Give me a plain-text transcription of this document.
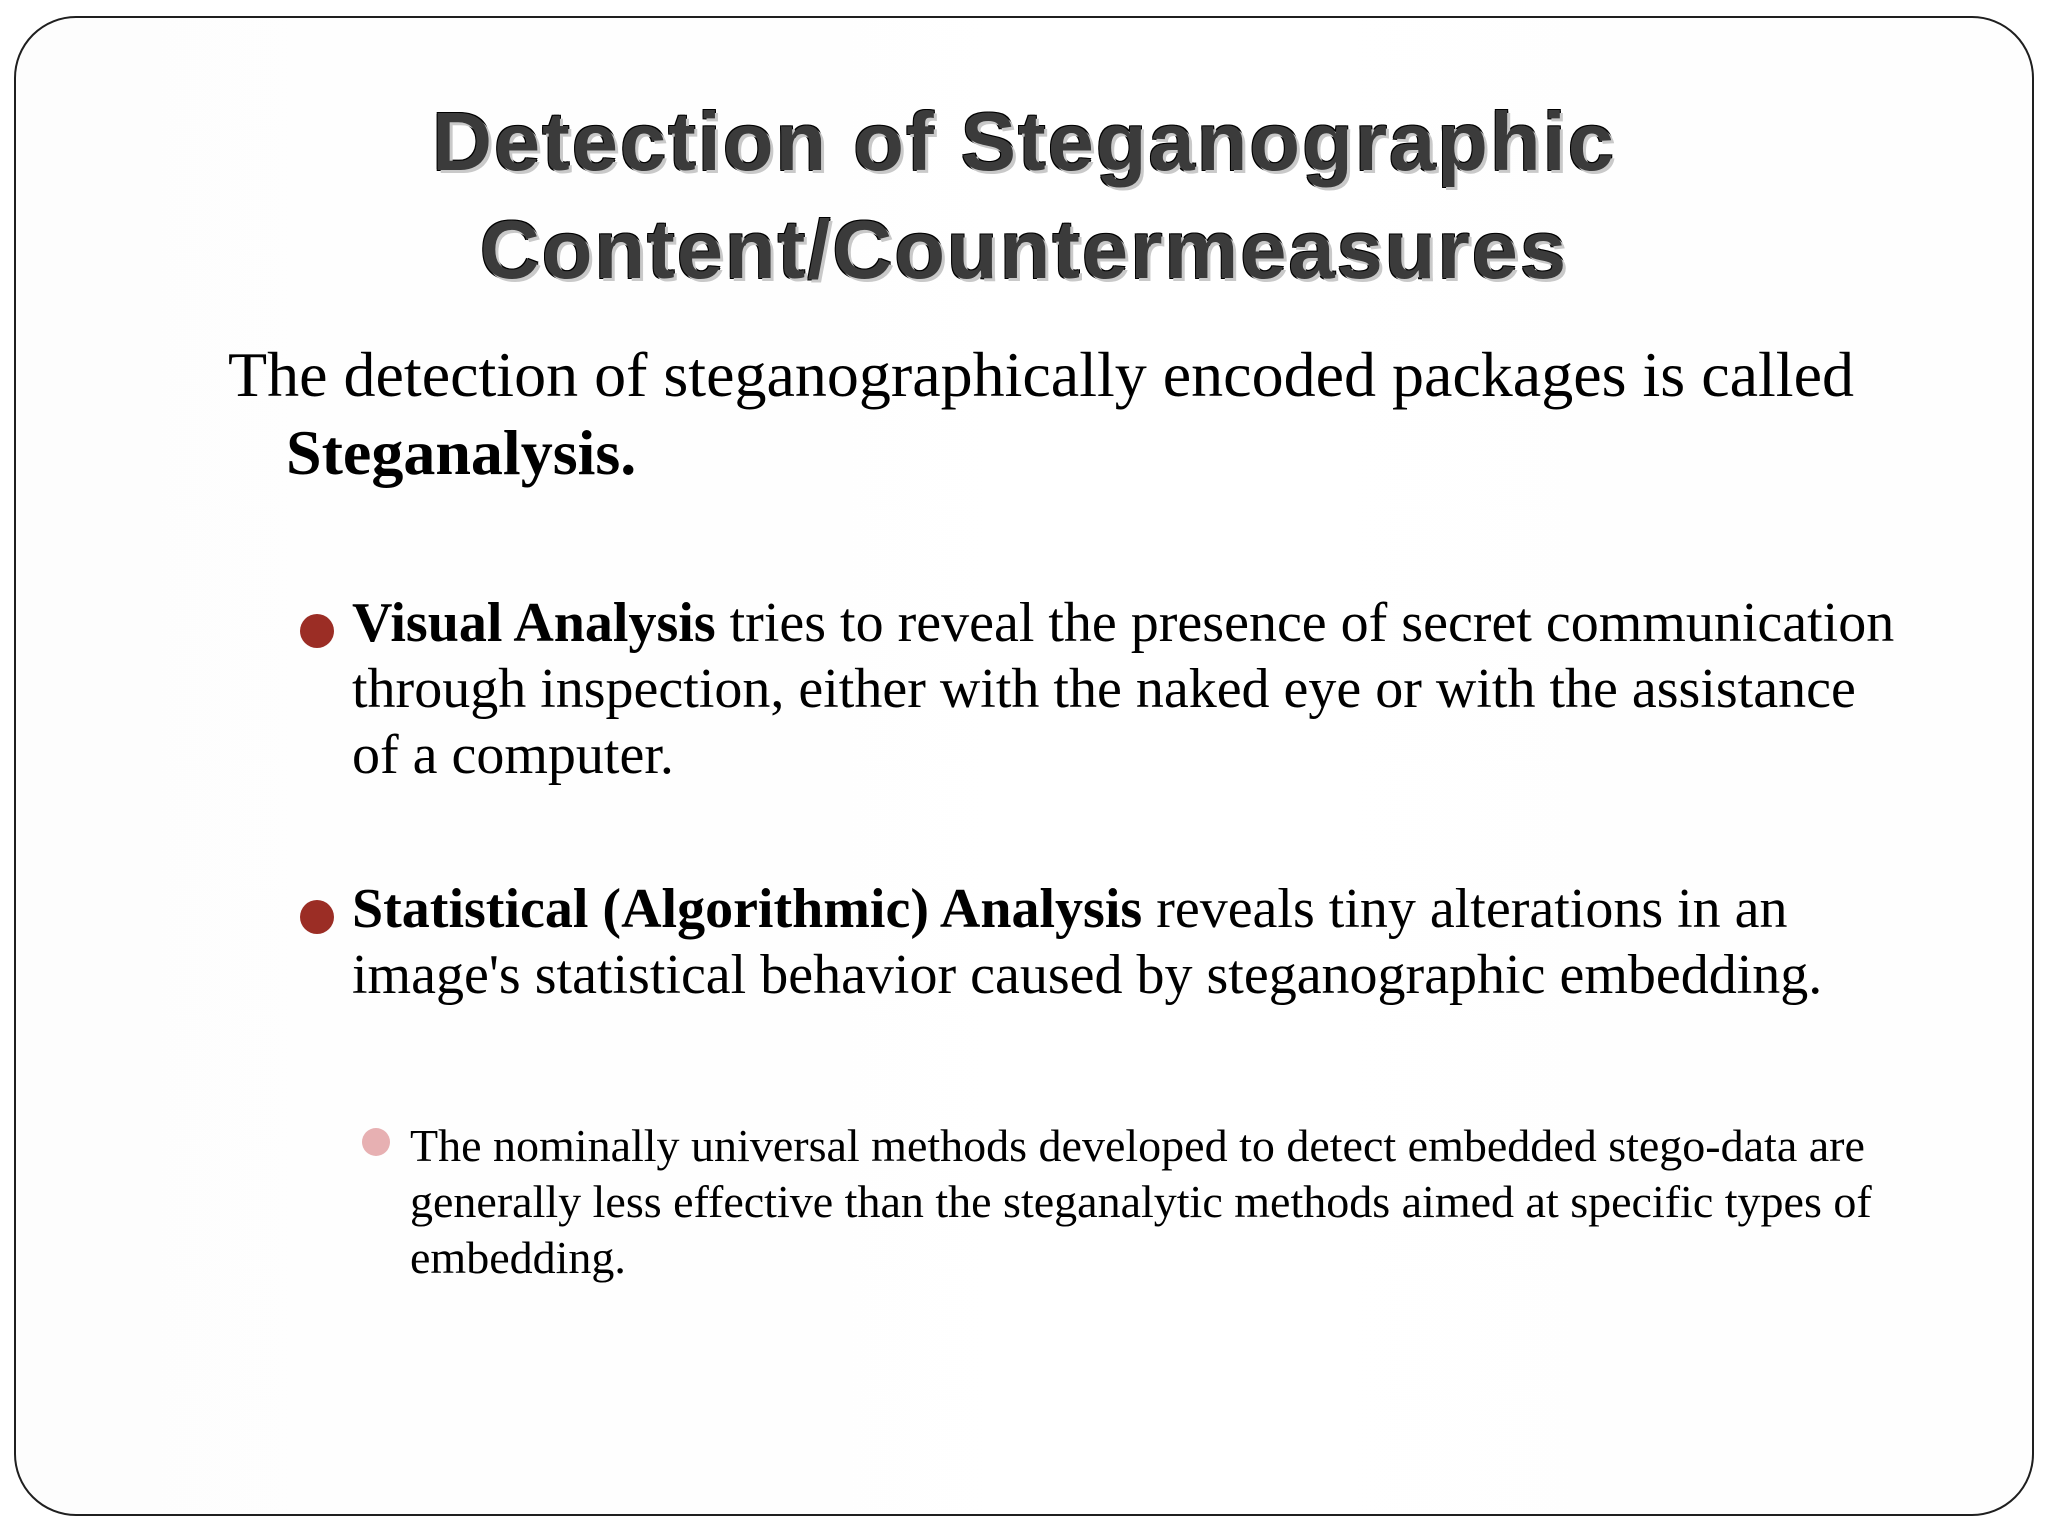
Detection of Steganographic
Content/Countermeasures

The detection of steganographically encoded packages is called Steganalysis.

Visual Analysis tries to reveal the presence of secret communication through inspection, either with the naked eye or with the assistance of a computer.

Statistical (Algorithmic) Analysis reveals tiny alterations in an image's statistical behavior caused by steganographic embedding.

The nominally universal methods developed to detect embedded stego-data are generally less effective than the steganalytic methods aimed at specific types of embedding.
